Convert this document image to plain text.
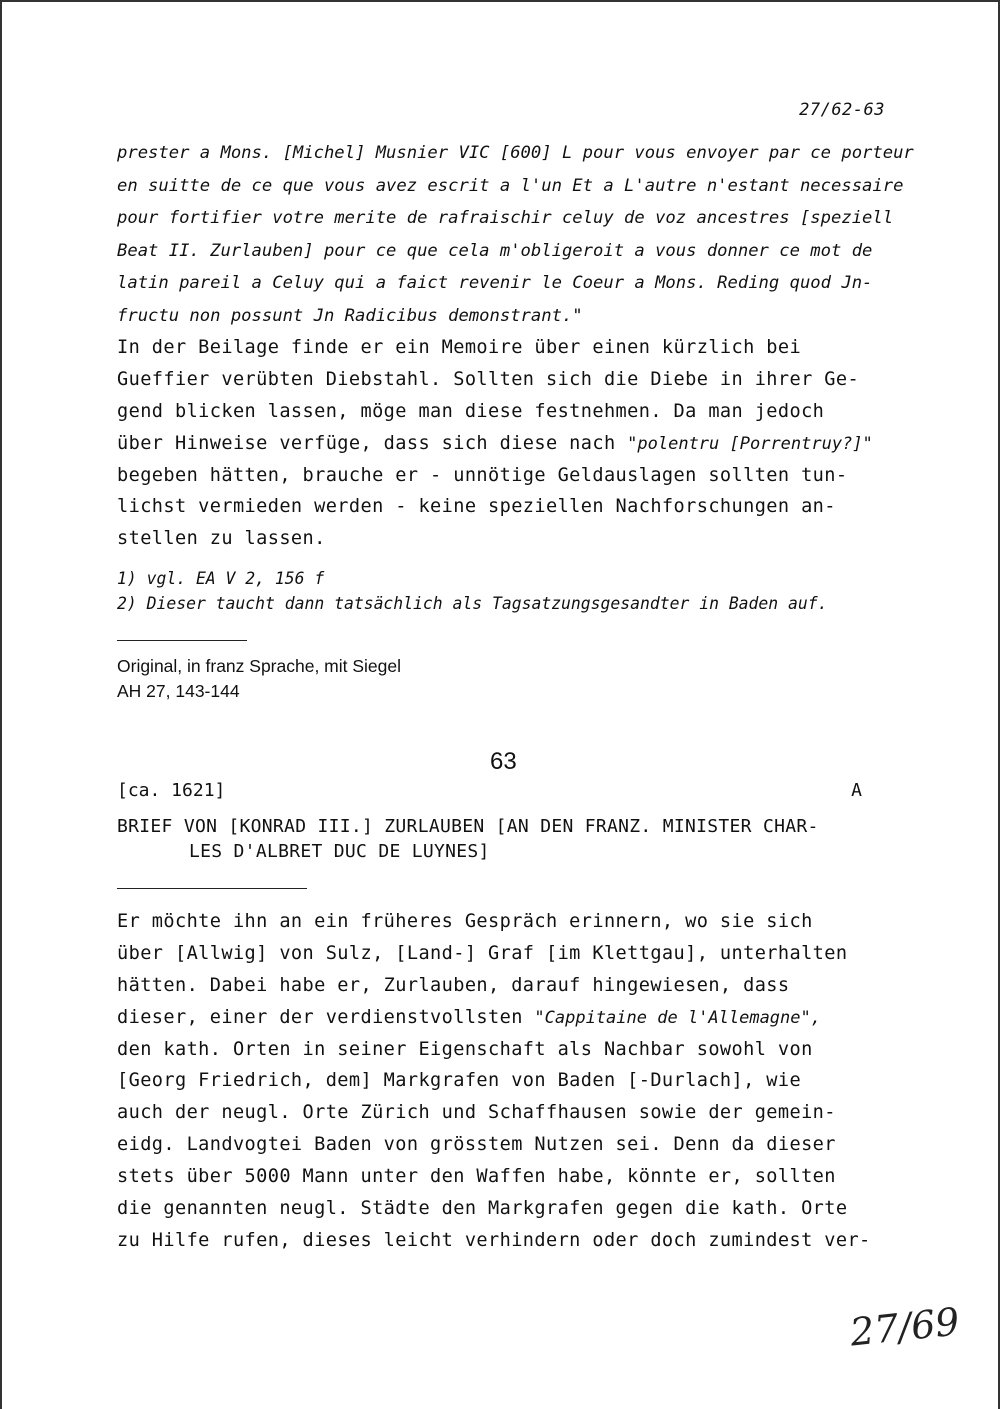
27/62-63
prester a Mons. [Michel] Musnier VIC [600] L pour vous envoyer par ce porteur
en suitte de ce que vous avez escrit a l'un Et a L'autre n'estant necessaire
pour fortifier votre merite de rafraischir celuy de voz ancestres [speziell
Beat II. Zurlauben] pour ce que cela m'obligeroit a vous donner ce mot de
latin pareil a Celuy qui a faict revenir le Coeur a Mons. Reding quod Jn-
fructu non possunt Jn Radicibus demonstrant."
In der Beilage finde er ein Memoire über einen kürzlich bei
Gueffier verübten Diebstahl. Sollten sich die Diebe in ihrer Ge-
gend blicken lassen, möge man diese festnehmen. Da man jedoch
über Hinweise verfüge, dass sich diese nach "polentru [Porrentruy?]"
begeben hätten, brauche er - unnötige Geldauslagen sollten tun-
lichst vermieden werden - keine speziellen Nachforschungen an-
stellen zu lassen.
1) vgl. EA V 2, 156 f
2) Dieser taucht dann tatsächlich als Tagsatzungsgesandter in Baden auf.
Original, in franz Sprache, mit Siegel
AH 27, 143-144
63
[ca. 1621]	A
BRIEF VON [KONRAD III.] ZURLAUBEN [AN DEN FRANZ. MINISTER CHAR-
LES D'ALBRET DUC DE LUYNES]
Er möchte ihn an ein früheres Gespräch erinnern, wo sie sich
über [Allwig] von Sulz, [Land-] Graf [im Klettgau], unterhalten
hätten. Dabei habe er, Zurlauben, darauf hingewiesen, dass
dieser, einer der verdienstvollsten "Cappitaine de l'Allemagne",
den kath. Orten in seiner Eigenschaft als Nachbar sowohl von
[Georg Friedrich, dem] Markgrafen von Baden [-Durlach], wie
auch der neugl. Orte Zürich und Schaffhausen sowie der gemein-
eidg. Landvogtei Baden von grösstem Nutzen sei. Denn da dieser
stets über 5000 Mann unter den Waffen habe, könnte er, sollten
die genannten neugl. Städte den Markgrafen gegen die kath. Orte
zu Hilfe rufen, dieses leicht verhindern oder doch zumindest ver-
27/69
